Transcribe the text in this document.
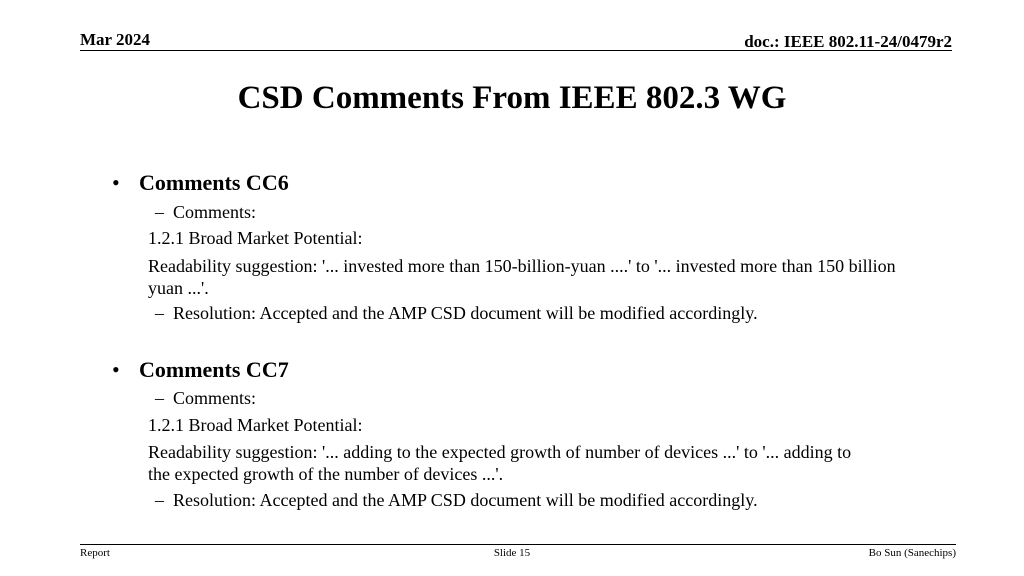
Mar 2024	doc.: IEEE 802.11-24/0479r2
CSD Comments From IEEE 802.3 WG
• Comments CC6
– Comments:
1.2.1 Broad Market Potential:
Readability suggestion: '... invested more than 150-billion-yuan ....' to '... invested more than 150 billion yuan ...'.
– Resolution: Accepted and the AMP CSD document will be modified accordingly.
• Comments CC7
– Comments:
1.2.1 Broad Market Potential:
Readability suggestion: '... adding to the expected growth of number of devices ...' to '... adding to the expected growth of the number of devices ...'.
– Resolution: Accepted and the AMP CSD document will be modified accordingly.
Report	Slide 15	Bo Sun (Sanechips)
